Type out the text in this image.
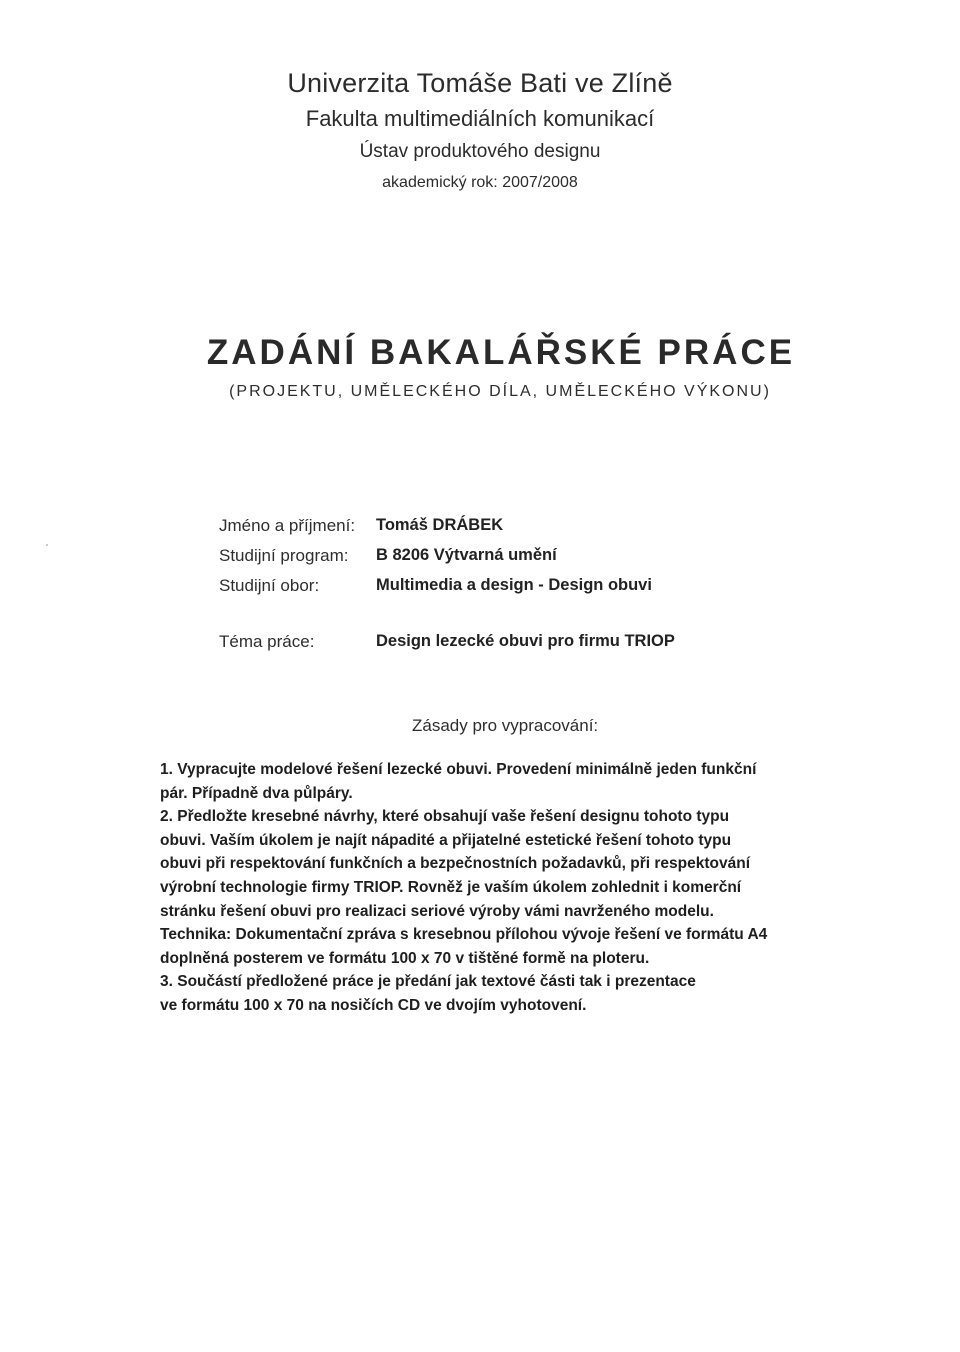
Univerzita Tomáše Bati ve Zlíně
Fakulta multimediálních komunikací
Ústav produktového designu
akademický rok: 2007/2008
ZADÁNÍ BAKALÁŘSKÉ PRÁCE
(PROJEKTU, UMĚLECKÉHO DÍLA, UMĚLECKÉHO VÝKONU)
Jméno a příjmení: Tomáš DRÁBEK
Studijní program: B 8206 Výtvarná umění
Studijní obor:	Multimedia a design - Design obuvi
Téma práce:	Design lezecké obuvi pro firmu TRIOP
Zásady pro vypracování:

1. Vypracujte modelové řešení lezecké obuvi. Provedení minimálně jeden funkční

pár. Případně dva půlpáry.

2. Předložte kresebné návrhy, které obsahují vaše řešení designu tohoto typu

obuvi. Vaším úkolem je najít nápadité a přijatelné estetické řešení tohoto typu

obuvi při respektování funkčních a bezpečnostních požadavků, při respektování

výrobní technologie firmy TRIOP. Rovněž je vaším úkolem zohlednit i komerční

stránku řešení obuvi pro realizaci seriové výroby vámi navrženého modelu.

Technika: Dokumentační zpráva s kresebnou přílohou vývoje řešení ve formátu A4

doplněná posterem ve formátu 100 x 70 v tištěné formě na ploteru.

3. Součástí předložené práce je předání jak textové části tak i prezentace

ve formátu 100 x 70 na nosičích CD ve dvojím vyhotovení.
